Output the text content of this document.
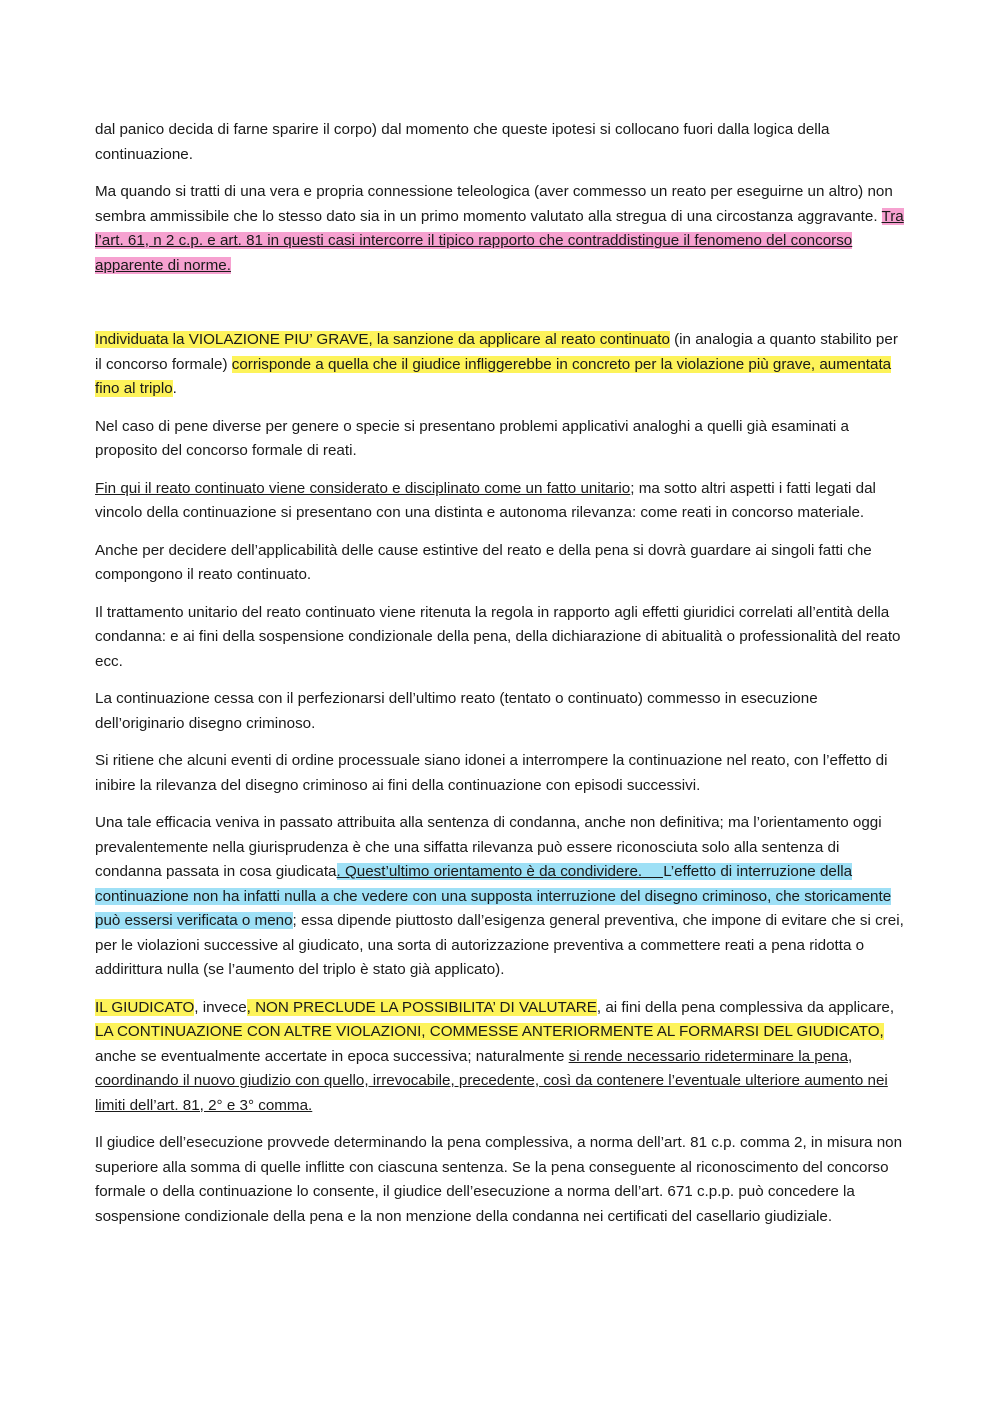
dal panico decida di farne sparire il corpo) dal momento che queste ipotesi si collocano fuori dalla logica della continuazione.

Ma quando si tratti di una vera e propria connessione teleologica (aver commesso un reato per eseguirne un altro) non sembra ammissibile che lo stesso dato sia in un primo momento valutato alla stregua di una circostanza aggravante. Tra l’art. 61, n 2 c.p. e art. 81 in questi casi intercorre il tipico rapporto che contraddistingue il fenomeno del concorso apparente di norme.

Individuata la VIOLAZIONE PIU’ GRAVE, la sanzione da applicare al reato continuato (in analogia a quanto stabilito per il concorso formale) corrisponde a quella che il giudice infliggerebbe in concreto per la violazione più grave, aumentata fino al triplo.

Nel caso di pene diverse per genere o specie si presentano problemi applicativi analoghi a quelli già esaminati a proposito del concorso formale di reati.

Fin qui il reato continuato viene considerato e disciplinato come un fatto unitario; ma sotto altri aspetti i fatti legati dal vincolo della continuazione si presentano con una distinta e autonoma rilevanza: come reati in concorso materiale.

Anche per decidere dell’applicabilità delle cause estintive del reato e della pena si dovrà guardare ai singoli fatti che compongono il reato continuato.

Il trattamento unitario del reato continuato viene ritenuta la regola in rapporto agli effetti giuridici correlati all’entità della condanna: e ai fini della sospensione condizionale della pena, della dichiarazione di abitualità o professionalità del reato ecc.

La continuazione cessa con il perfezionarsi dell’ultimo reato (tentato o continuato) commesso in esecuzione dell’originario disegno criminoso.

Si ritiene che alcuni eventi di ordine processuale siano idonei a interrompere la continuazione nel reato, con l’effetto di inibire la rilevanza del disegno criminoso ai fini della continuazione con episodi successivi.

Una tale efficacia veniva in passato attribuita alla sentenza di condanna, anche non definitiva; ma l’orientamento oggi prevalentemente nella giurisprudenza è che una siffatta rilevanza può essere riconosciuta solo alla sentenza di condanna passata in cosa giudicata. Quest’ultimo orientamento è da condividere.     L’effetto di interruzione della continuazione non ha infatti nulla a che vedere con una supposta interruzione del disegno criminoso, che storicamente può essersi verificata o meno; essa dipende piuttosto dall’esigenza general preventiva, che impone di evitare che si crei, per le violazioni successive al giudicato, una sorta di autorizzazione preventiva a commettere reati a pena ridotta o addirittura nulla (se l’aumento del triplo è stato già applicato).

IL GIUDICATO, invece, NON PRECLUDE LA POSSIBILITA’ DI VALUTARE, ai fini della pena complessiva da applicare, LA CONTINUAZIONE CON ALTRE VIOLAZIONI, COMMESSE ANTERIORMENTE AL FORMARSI DEL GIUDICATO, anche se eventualmente accertate in epoca successiva; naturalmente si rende necessario rideterminare la pena, coordinando il nuovo giudizio con quello, irrevocabile, precedente, così da contenere l’eventuale ulteriore aumento nei limiti dell’art. 81, 2° e 3° comma.

Il giudice dell’esecuzione provvede determinando la pena complessiva, a norma dell’art. 81 c.p. comma 2, in misura non superiore alla somma di quelle inflitte con ciascuna sentenza. Se la pena conseguente al riconoscimento del concorso formale o della continuazione lo consente, il giudice dell’esecuzione a norma dell’art. 671 c.p.p. può concedere la sospensione condizionale della pena e la non menzione della condanna nei certificati del casellario giudiziale.
